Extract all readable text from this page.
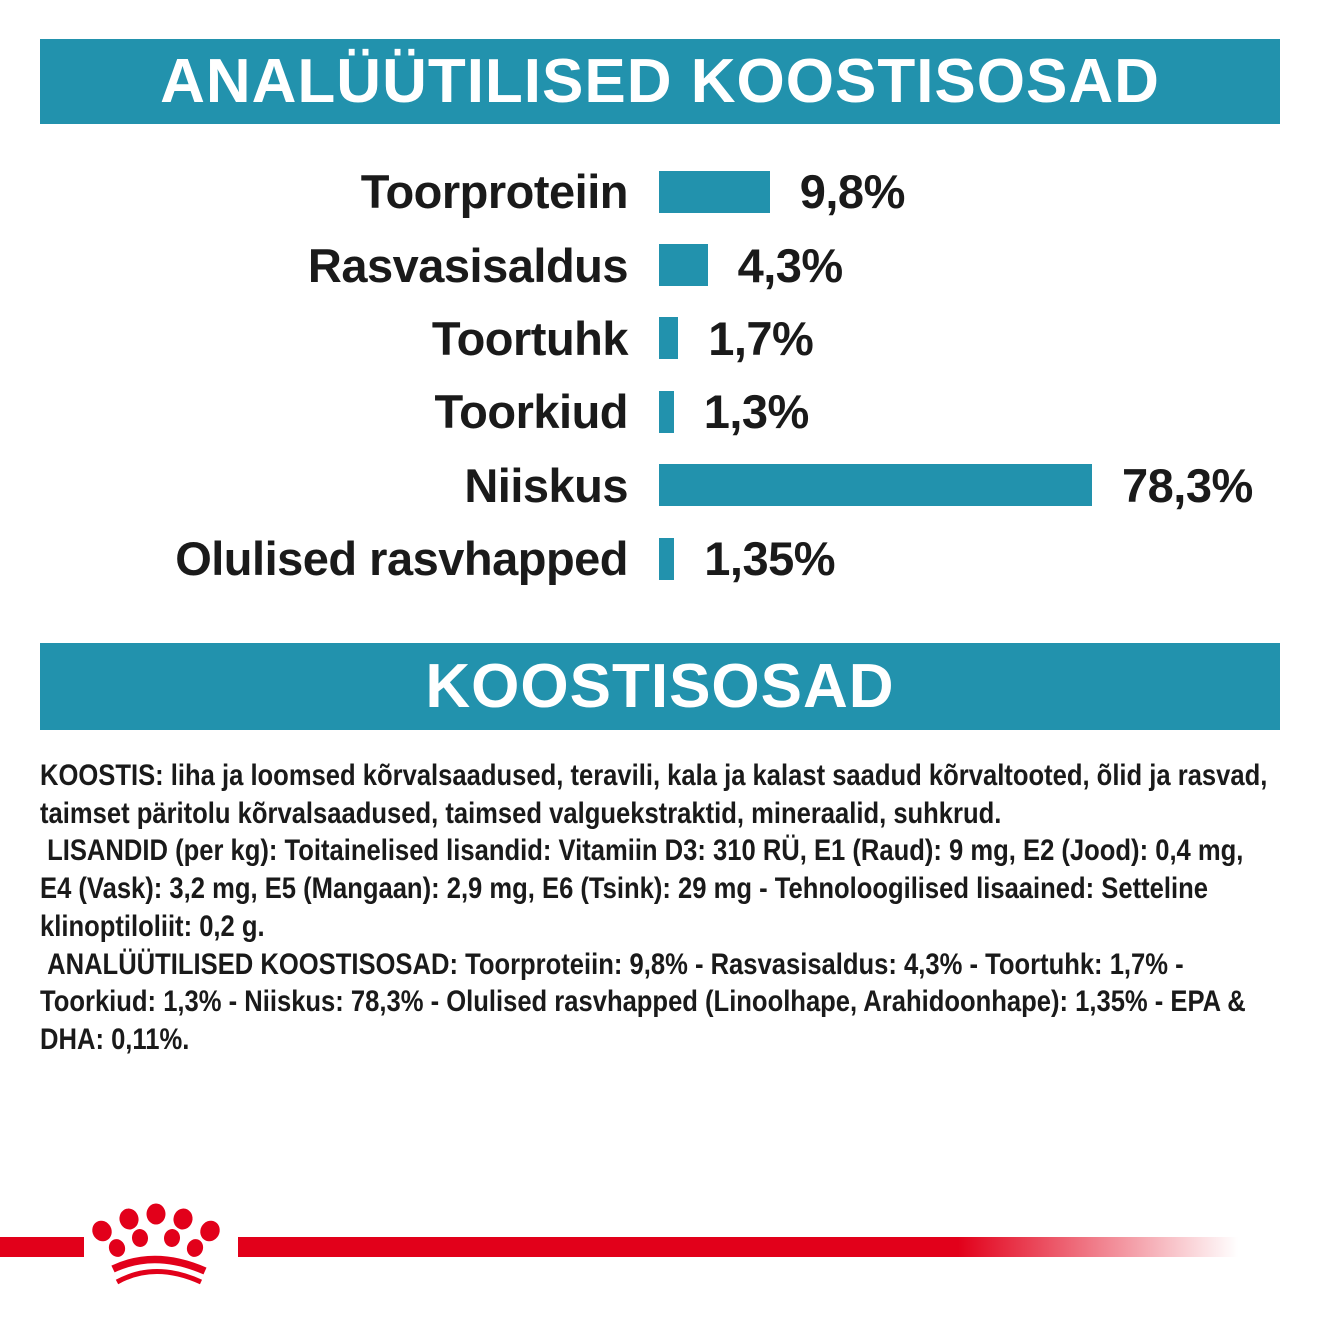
ANALÜÜTILISED KOOSTISOSAD
Toorproteiin	9,8%
Rasvasisaldus 4,3%
Toortuhk 1,7%
Toorkiud 1,3%
Niiskus	78,3%
Olulised rasvhapped 1,35%
KOOSTISOSAD

KOOSTIS: liha ja loomsed kõrvalsaadused, teravili, kala ja kalast saadud kõrvaltooted, õlid ja rasvad, taimset päritolu kõrvalsaadused, taimsed valguekstraktid, mineraalid, suhkrud.

LISANDID (per kg): Toitainelised lisandid: Vitamiin D3: 310 RÜ, E1 (Raud): 9 mg, E2 (Jood): 0,4 mg, E4 (Vask): 3,2 mg, E5 (Mangaan): 2,9 mg, E6 (Tsink): 29 mg - Tehnoloogilised lisaained: Setteline klinoptiloliit: 0,2 g.

ANALÜÜTILISED KOOSTISOSAD: Toorproteiin: 9,8% - Rasvasisaldus: 4,3% - Toortuhk: 1,7% - Toorkiud: 1,3% - Niiskus: 78,3% - Olulised rasvhapped (Linoolhape, Arahidoonhape): 1,35% - EPA & DHA: 0,11%.
